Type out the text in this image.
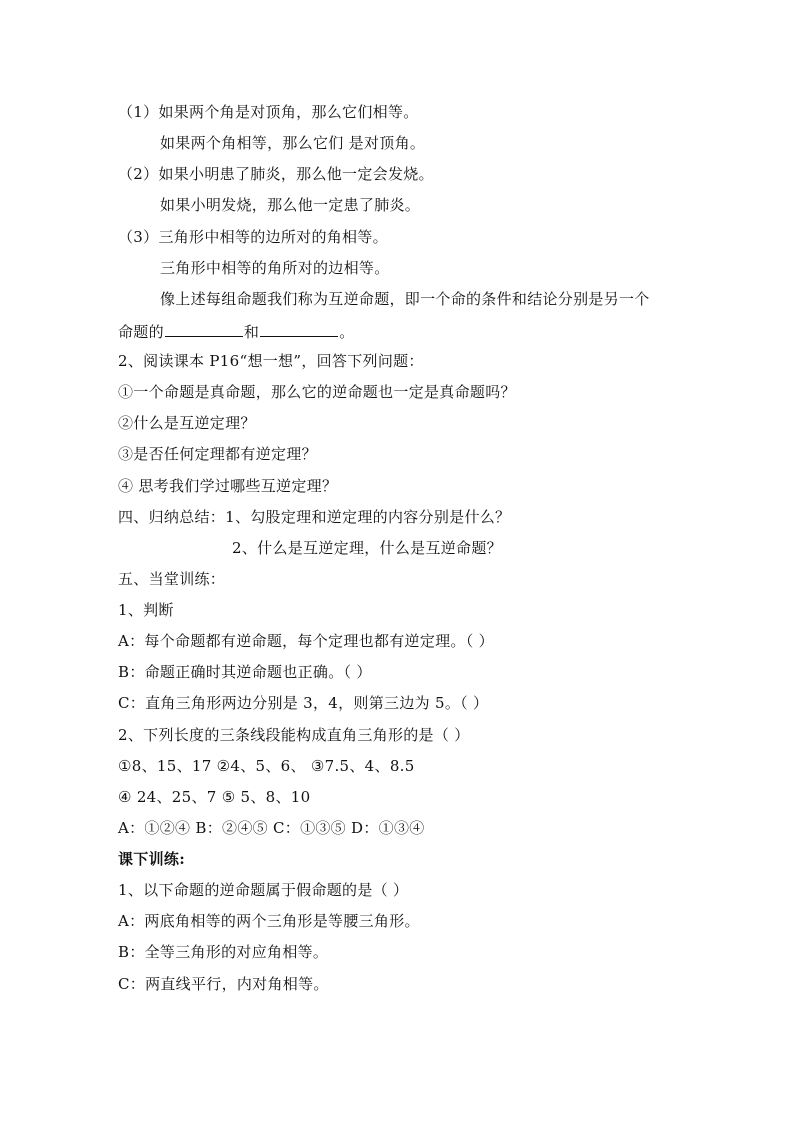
（1）如果两个角是对顶角，那么它们相等。
如果两个角相等，那么它们 是对顶角。
（2）如果小明患了肺炎，那么他一定会发烧。
如果小明发烧，那么他一定患了肺炎。
（3）三角形中相等的边所对的角相等。
三角形中相等的角所对的边相等。
像上述每组命题我们称为互逆命题，即一个命的条件和结论分别是另一个
命题的	和	。
2、阅读课本 P16“想一想”，回答下列问题：
①一个命题是真命题，那么它的逆命题也一定是真命题吗？
②什么是互逆定理？
③是否任何定理都有逆定理？
④ 思考我们学过哪些互逆定理？
四、归纳总结：1、勾股定理和逆定理的内容分别是什么？
2、什么是互逆定理，什么是互逆命题？
五、当堂训练：
1、判断
A：每个命题都有逆命题，每个定理也都有逆定理。（ ）
B：命题正确时其逆命题也正确。（ ）
C：直角三角形两边分别是 3，4，则第三边为 5。（ ）
2、下列长度的三条线段能构成直角三角形的是（ ）
①8、15、17 ②4、5、6、 ③7.5、4、8.5
④ 24、25、7 ⑤ 5、8、10
A：①②④ B：②④⑤ C：①③⑤ D：①③④
课下训练:
1、以下命题的逆命题属于假命题的是（ ）
A：两底角相等的两个三角形是等腰三角形。
B：全等三角形的对应角相等。
C：两直线平行，内对角相等。
